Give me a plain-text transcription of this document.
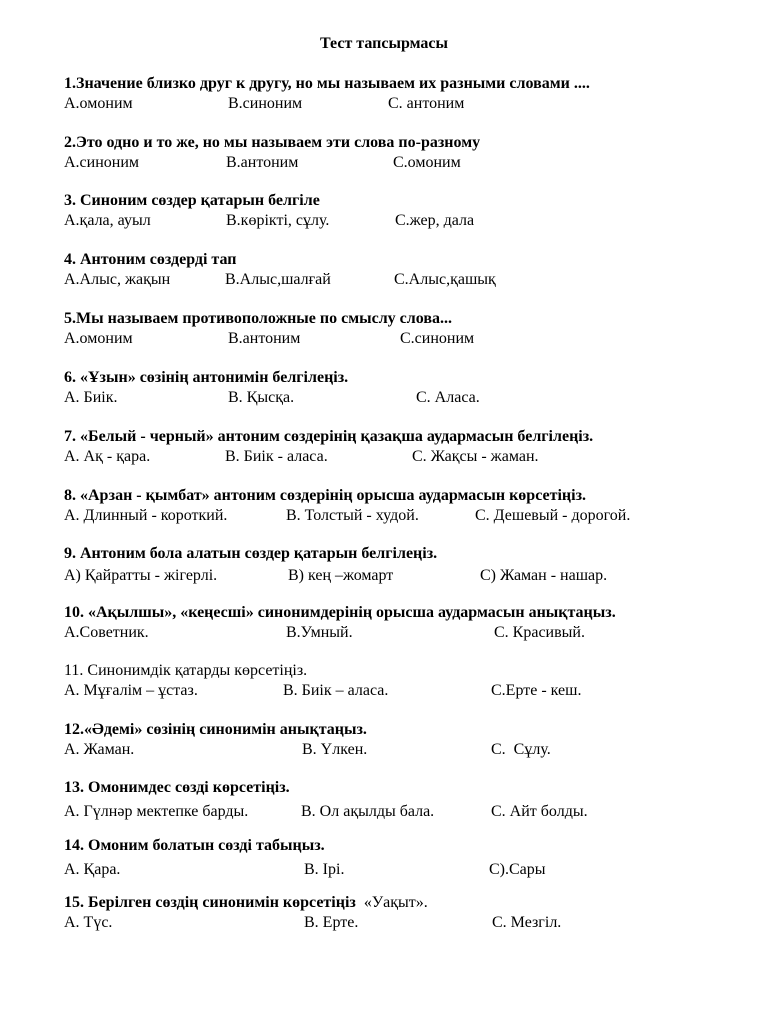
Тест тапсырмасы
1.Значение близко друг к другу, но мы называем их разными словами ....
А.омоним	В.синоним	С. антоним
2.Это одно и то же, но мы называем эти слова по-разному
А.синоним	В.антоним	С.омоним
3. Синоним сөздер қатарын белгіле
А.қала, ауыл	В.көрікті, сұлу.	С.жер, дала
4. Антоним сөздерді тап
А.Алыс, жақын	В.Алыс,шалғай	С.Алыс,қашық
5.Мы называем противоположные по смыслу слова...
А.омоним	В.антоним	С.синоним
6. «Ұзын» сөзінің антонимін белгілеңіз.
А. Биік.	В. Қысқа.	С. Аласа.
7. «Белый - черный» антоним сөздерінің қазақша аудармасын белгілеңіз.
А. Ақ - қара.	В. Биік - аласа.	С. Жақсы - жаман.
8. «Арзан - қымбат» антоним сөздерінің орысша аудармасын көрсетіңіз.
А. Длинный - короткий.	В. Толстый - худой.	С. Дешевый - дорогой.
9. Антоним бола алатын сөздер қатарын белгілеңіз.
А) Қайратты - жігерлі.	В) кең –жомарт	С) Жаман - нашар.
10. «Ақылшы», «кеңесші» синонимдерінің орысша аудармасын анықтаңыз.
А.Советник.	В.Умный.	С. Красивый.
11. Синонимдік қатарды көрсетіңіз.
А. Мұғалім – ұстаз.	В. Биік – аласа.	С.Ерте - кеш.
12.«Әдемі» сөзінің синонимін анықтаңыз.
А. Жаман.	В. Үлкен.	С.  Сұлу.
13. Омонимдес сөзді көрсетіңіз.
А. Гүлнәр мектепке барды.	В. Ол ақылды бала.	С. Айт болды.
14. Омоним болатын сөзді табыңыз.
А. Қара.	В. Ірі.	С).Сары
15. Берілген сөздің синонимін көрсетіңіз  «Уақыт».
А. Түс.	В. Ерте.	С. Мезгіл.
